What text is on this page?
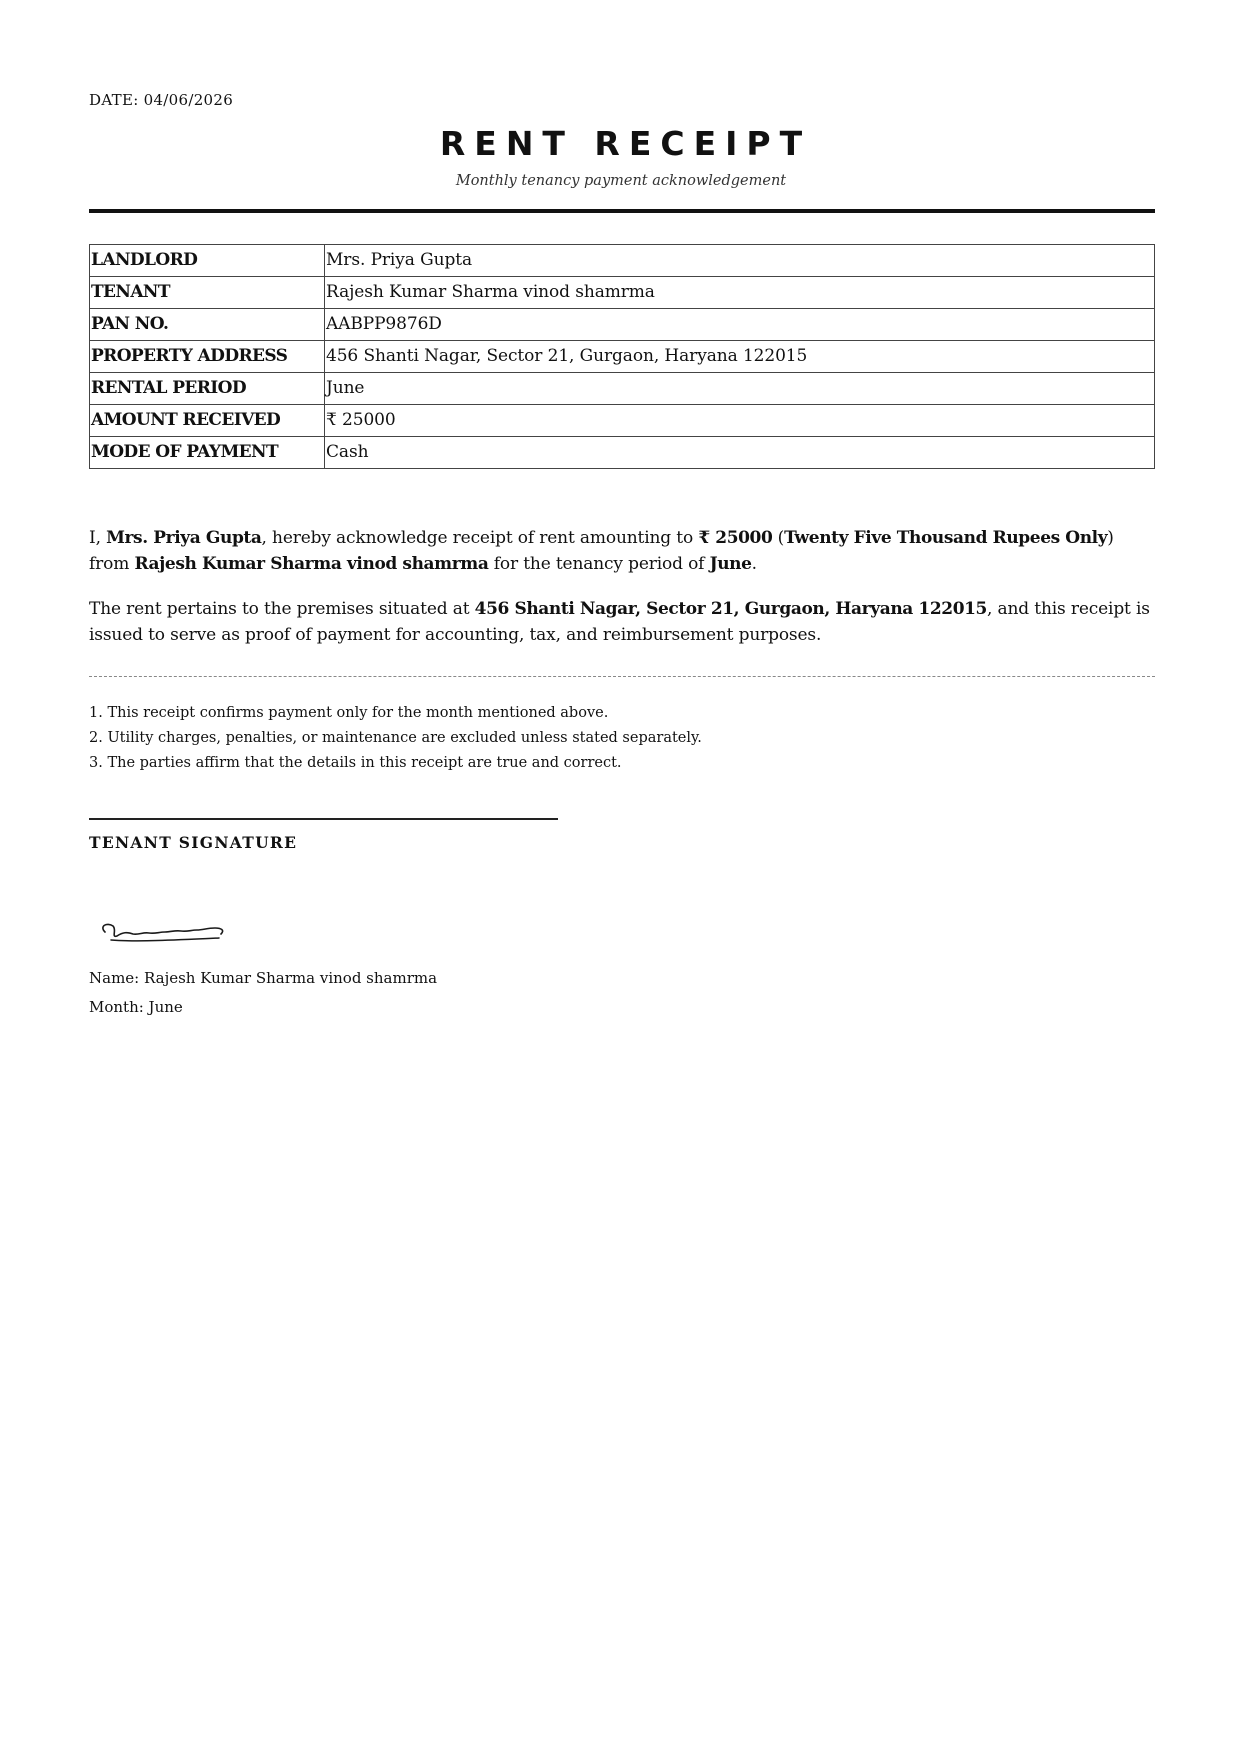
DATE: 04/06/2026
RENT RECEIPT
Monthly tenancy payment acknowledgement
LANDLORD	Mrs. Priya Gupta
TENANT	Rajesh Kumar Sharma vinod shamrma
PAN NO.	AABPP9876D
PROPERTY ADDRESS	456 Shanti Nagar, Sector 21, Gurgaon, Haryana 122015
RENTAL PERIOD	June
AMOUNT RECEIVED	₹ 25000
MODE OF PAYMENT	Cash
I, Mrs. Priya Gupta, hereby acknowledge receipt of rent amounting to ₹ 25000 (Twenty Five Thousand Rupees Only) from Rajesh Kumar Sharma vinod shamrma for the tenancy period of June.
The rent pertains to the premises situated at 456 Shanti Nagar, Sector 21, Gurgaon, Haryana 122015, and this receipt is issued to serve as proof of payment for accounting, tax, and reimbursement purposes.
1. This receipt confirms payment only for the month mentioned above.
2. Utility charges, penalties, or maintenance are excluded unless stated separately.
3. The parties affirm that the details in this receipt are true and correct.
TENANT SIGNATURE
Name: Rajesh Kumar Sharma vinod shamrma
Month: June
